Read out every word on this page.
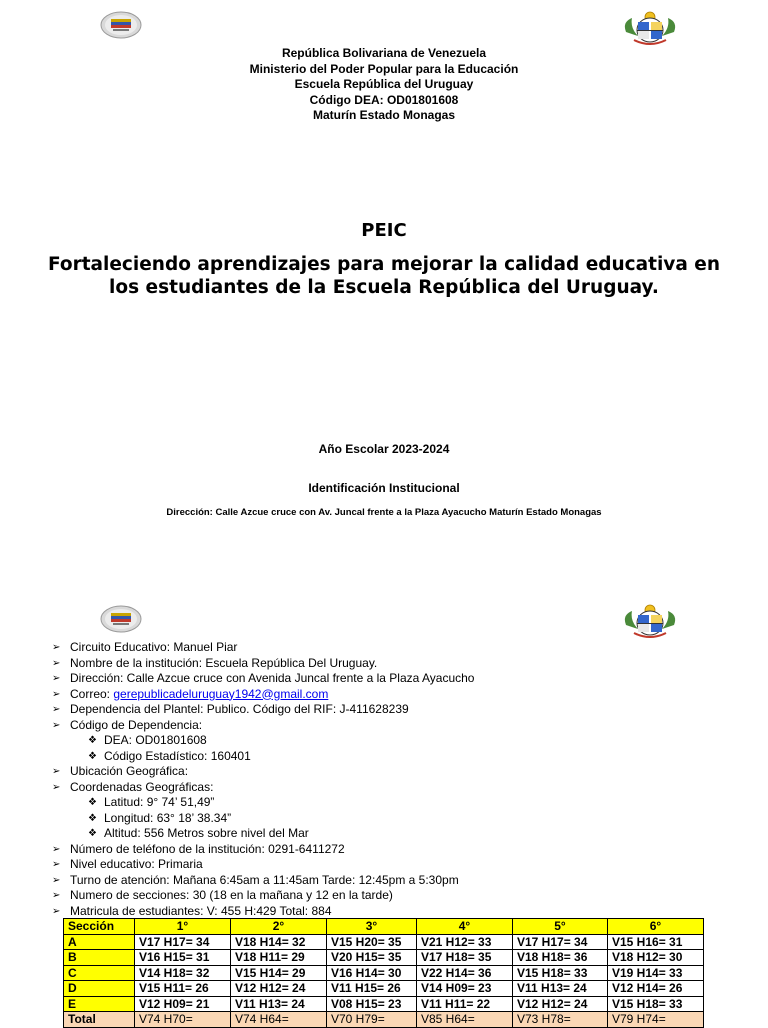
República Bolivariana de Venezuela
Ministerio del Poder Popular para la Educación
Escuela República del Uruguay
Código DEA: OD01801608
Maturín Estado Monagas
PEIC
Fortaleciendo aprendizajes para mejorar la calidad educativa en los estudiantes de la Escuela República del Uruguay.
Año Escolar 2023-2024
Identificación Institucional
Dirección: Calle Azcue cruce con Av. Juncal frente a la Plaza Ayacucho Maturín Estado Monagas
➢ Circuito Educativo: Manuel Piar
➢ Nombre de la institución: Escuela República Del Uruguay.
➢ Dirección: Calle Azcue cruce con Avenida Juncal frente a la Plaza Ayacucho
➢ Correo: gerepublicadeluruguay1942@gmail.com
➢ Dependencia del Plantel: Publico. Código del RIF: J-411628239
➢ Código de Dependencia:
❖ DEA: OD01801608
❖ Código Estadístico: 160401
➢ Ubicación Geográfica:
➢ Coordenadas Geográficas:
❖ Latitud: 9° 74’ 51,49”
❖ Longitud: 63° 18’ 38.34”
❖ Altitud: 556 Metros sobre nivel del Mar
➢ Número de teléfono de la institución: 0291-6411272
➢ Nivel educativo: Primaria
➢ Turno de atención: Mañana 6:45am a 11:45am Tarde: 12:45pm a 5:30pm
➢ Numero de secciones: 30 (18 en la mañana y 12 en la tarde)
➢ Matricula de estudiantes: V: 455 H:429 Total: 884
Sección	1°	2°	3°	4°	5°	6°
A	V17 H17= 34	V18 H14= 32	V15 H20= 35	V21 H12= 33	V17 H17= 34	V15 H16= 31
B	V16 H15= 31	V18 H11= 29	V20 H15= 35	V17 H18= 35	V18 H18= 36	V18 H12= 30
C	V14 H18= 32	V15 H14= 29	V16 H14= 30	V22 H14= 36	V15 H18= 33	V19 H14= 33
D	V15 H11= 26	V12 H12= 24	V11 H15= 26	V14 H09= 23	V11 H13= 24	V12 H14= 26
E	V12 H09= 21	V11 H13= 24	V08 H15= 23	V11 H11= 22	V12 H12= 24	V15 H18= 33
Total	V74 H70=	V74 H64=	V70 H79=	V85 H64=	V73 H78=	V79 H74=
